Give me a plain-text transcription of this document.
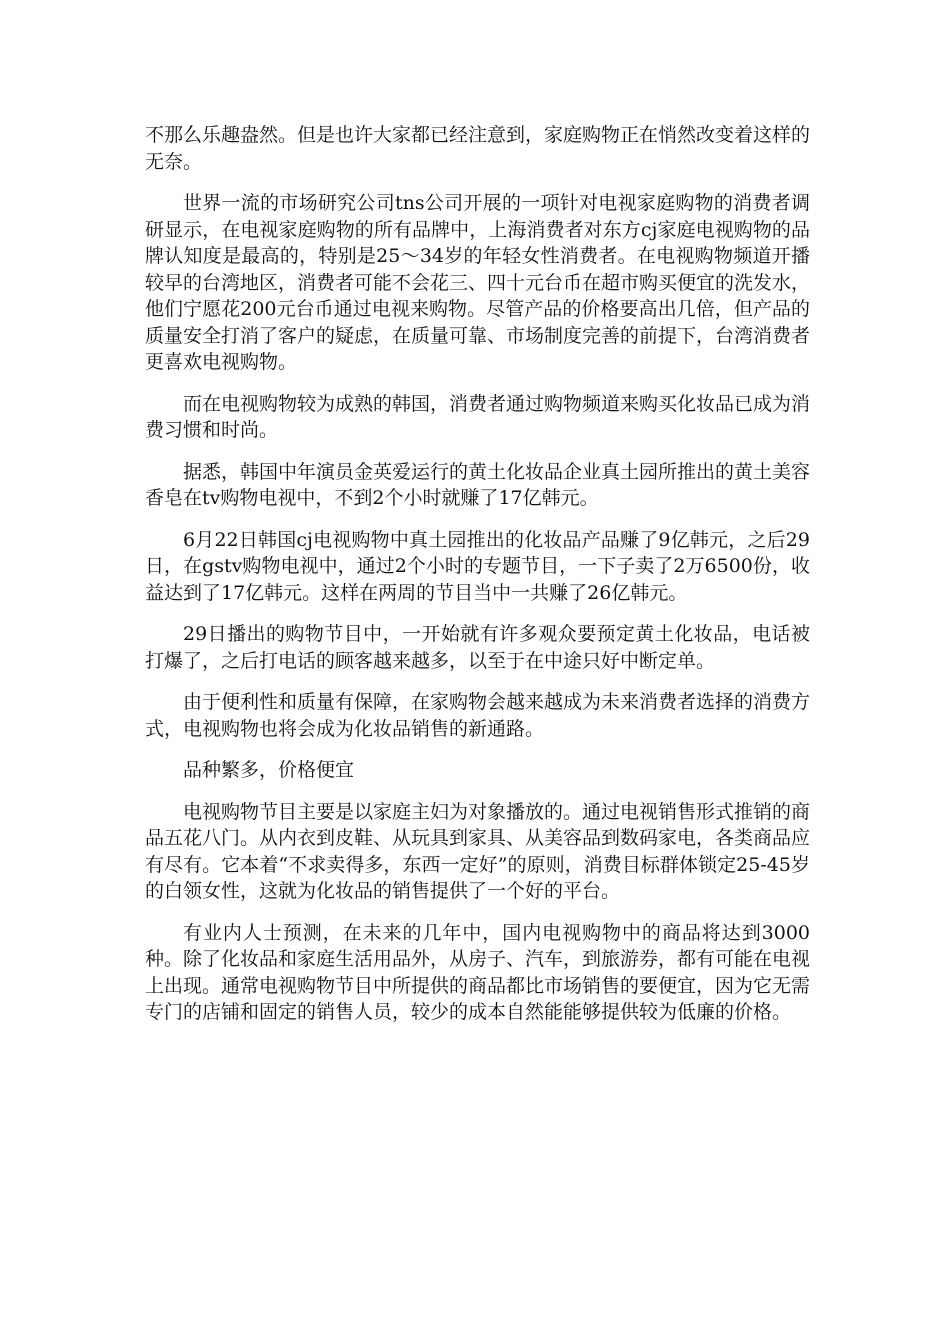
不那么乐趣盎然。但是也许大家都已经注意到，家庭购物正在悄然改变着这样的无奈。

世界一流的市场研究公司tns公司开展的一项针对电视家庭购物的消费者调研显示，在电视家庭购物的所有品牌中，上海消费者对东方cj家庭电视购物的品牌认知度是最高的，特别是25～34岁的年轻女性消费者。在电视购物频道开播较早的台湾地区，消费者可能不会花三、四十元台币在超市购买便宜的洗发水，他们宁愿花200元台币通过电视来购物。尽管产品的价格要高出几倍，但产品的质量安全打消了客户的疑虑，在质量可靠、市场制度完善的前提下，台湾消费者更喜欢电视购物。

而在电视购物较为成熟的韩国，消费者通过购物频道来购买化妆品已成为消费习惯和时尚。

据悉，韩国中年演员金英爱运行的黄土化妆品企业真土园所推出的黄土美容香皂在tv购物电视中，不到2个小时就赚了17亿韩元。

6月22日韩国cj电视购物中真土园推出的化妆品产品赚了9亿韩元，之后29日，在gstv购物电视中，通过2个小时的专题节目，一下子卖了2万6500份，收益达到了17亿韩元。这样在两周的节目当中一共赚了26亿韩元。

29日播出的购物节目中，一开始就有许多观众要预定黄土化妆品，电话被打爆了，之后打电话的顾客越来越多，以至于在中途只好中断定单。

由于便利性和质量有保障，在家购物会越来越成为未来消费者选择的消费方式，电视购物也将会成为化妆品销售的新通路。

品种繁多，价格便宜

电视购物节目主要是以家庭主妇为对象播放的。通过电视销售形式推销的商品五花八门。从内衣到皮鞋、从玩具到家具、从美容品到数码家电，各类商品应有尽有。它本着“不求卖得多，东西一定好”的原则，消费目标群体锁定25-45岁的白领女性，这就为化妆品的销售提供了一个好的平台。

有业内人士预测，在未来的几年中，国内电视购物中的商品将达到3000种。除了化妆品和家庭生活用品外，从房子、汽车，到旅游券，都有可能在电视上出现。通常电视购物节目中所提供的商品都比市场销售的要便宜，因为它无需专门的店铺和固定的销售人员，较少的成本自然能能够提供较为低廉的价格。
